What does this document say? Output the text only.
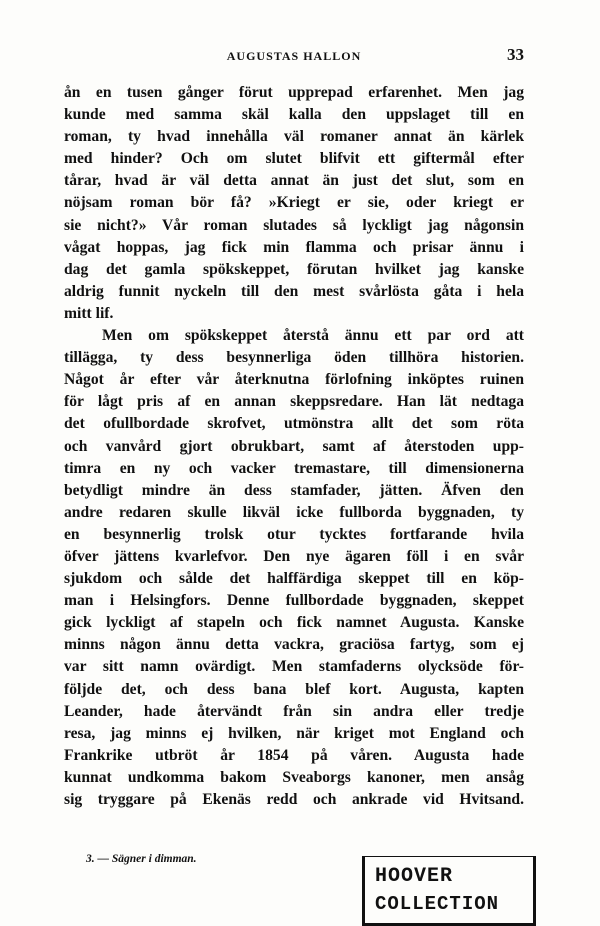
AUGUSTAS HALLON	33
ån en tusen gånger förut upprepad erfarenhet. Men jag
kunde med samma skäl kalla den uppslaget till en
roman, ty hvad innehålla väl romaner annat än kärlek
med hinder? Och om slutet blifvit ett giftermål efter
tårar, hvad är väl detta annat än just det slut, som en
nöjsam roman bör få? »Kriegt er sie, oder kriegt er
sie nicht?» Vår roman slutades så lyckligt jag någonsin
vågat hoppas, jag fick min flamma och prisar ännu i
dag det gamla spökskeppet, förutan hvilket jag kanske
aldrig funnit nyckeln till den mest svårlösta gåta i hela
mitt lif.
Men om spökskeppet återstå ännu ett par ord att
tillägga, ty dess besynnerliga öden tillhöra historien.
Något år efter vår återknutna förlofning inköptes ruinen
för lågt pris af en annan skeppsredare. Han lät nedtaga
det ofullbordade skrofvet, utmönstra allt det som röta
och vanvård gjort obrukbart, samt af återstoden upp-
timra en ny och vacker tremastare, till dimensionerna
betydligt mindre än dess stamfader, jätten. Äfven den
andre redaren skulle likväl icke fullborda byggnaden, ty
en besynnerlig trolsk otur tycktes fortfarande hvila
öfver jättens kvarlefvor. Den nye ägaren föll i en svår
sjukdom och sålde det halffärdiga skeppet till en köp-
man i Helsingfors. Denne fullbordade byggnaden, skeppet
gick lyckligt af stapeln och fick namnet Augusta. Kanske
minns någon ännu detta vackra, graciösa fartyg, som ej
var sitt namn ovärdigt. Men stamfaderns olycksöde för-
följde det, och dess bana blef kort. Augusta, kapten
Leander, hade återvändt från sin andra eller tredje
resa, jag minns ej hvilken, när kriget mot England och
Frankrike utbröt år 1854 på våren. Augusta hade
kunnat undkomma bakom Sveaborgs kanoner, men ansåg
sig tryggare på Ekenäs redd och ankrade vid Hvitsand.
3. — Sägner i dimman.
HOOVER
COLLECTION
